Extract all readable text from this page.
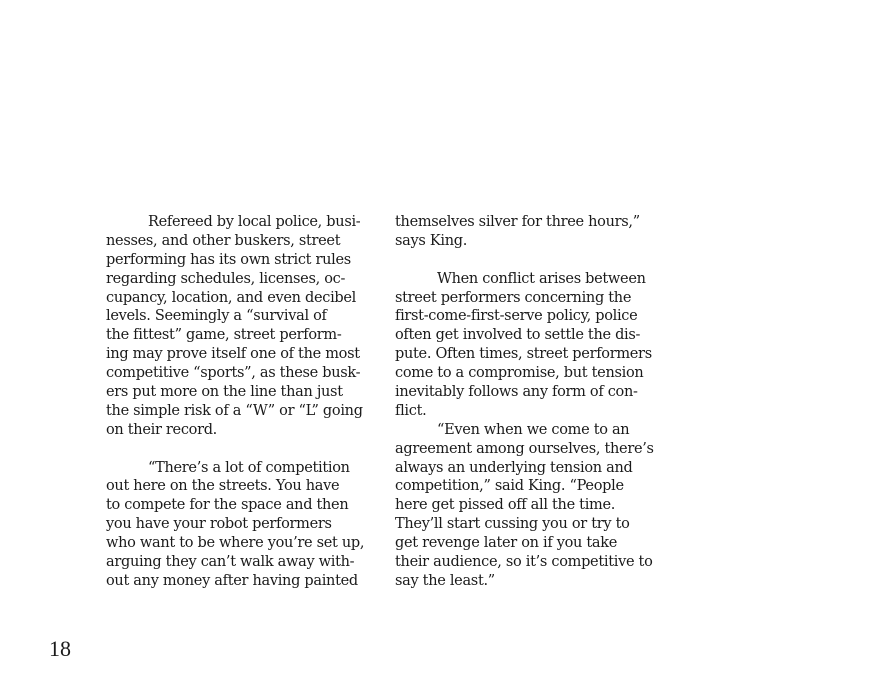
Refereed by local police, busi-
nesses, and other buskers, street
performing has its own strict rules
regarding schedules, licenses, oc-
cupancy, location, and even decibel
levels. Seemingly a “survival of
the fittest” game, street perform-
ing may prove itself one of the most
competitive “sports”, as these busk-
ers put more on the line than just
the simple risk of a “W” or “L” going
on their record.
“There’s a lot of competition
out here on the streets. You have
to compete for the space and then
you have your robot performers
who want to be where you’re set up,
arguing they can’t walk away with-
out any money after having painted
themselves silver for three hours,”
says King.
When conflict arises between
street performers concerning the
first-come-first-serve policy, police
often get involved to settle the dis-
pute. Often times, street performers
come to a compromise, but tension
inevitably follows any form of con-
flict.
“Even when we come to an
agreement among ourselves, there’s
always an underlying tension and
competition,” said King. “People
here get pissed off all the time.
They’ll start cussing you or try to
get revenge later on if you take
their audience, so it’s competitive to
say the least.”
18
